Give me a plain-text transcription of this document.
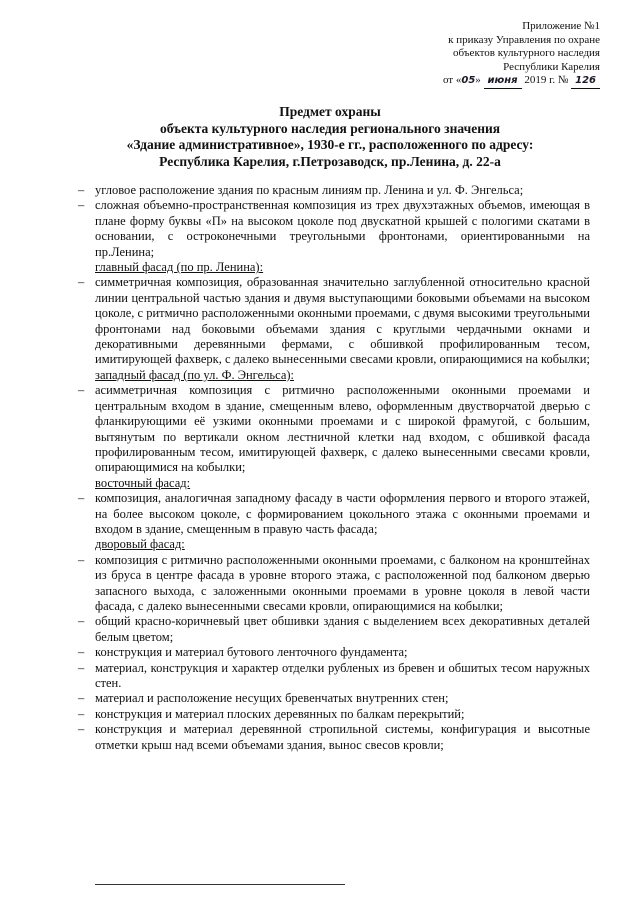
Приложение №1
к приказу Управления по охране
объектов культурного наследия
Республики Карелия
от «05» июня 2019 г. № 126
Предмет охраны
объекта культурного наследия регионального значения
«Здание административное», 1930-е гг., расположенного по адресу:
Республика Карелия, г.Петрозаводск, пр.Ленина, д. 22-а
– угловое расположение здания по красным линиям пр. Ленина и ул. Ф. Энгельса;
– сложная объемно-пространственная композиция из трех двухэтажных объемов, имеющая в плане форму буквы «П» на высоком цоколе под двускатной крышей с пологими скатами в основании, с остроконечными треугольными фронтонами, ориентированными на пр.Ленина;
главный фасад (по пр. Ленина):
– симметричная композиция, образованная значительно заглубленной относительно красной линии центральной частью здания и двумя выступающими боковыми объемами на высоком цоколе, с ритмично расположенными оконными проемами, с двумя высокими треугольными фронтонами над боковыми объемами здания с круглыми чердачными окнами и декоративными деревянными фермами, с обшивкой профилированным тесом, имитирующей фахверк, с далеко вынесенными свесами кровли, опирающимися на кобылки;
западный фасад (по ул. Ф. Энгельса):
– асимметричная композиция с ритмично расположенными оконными проемами и центральным входом в здание, смещенным влево, оформленным двустворчатой дверью с фланкирующими её узкими оконными проемами и с широкой фрамугой, с большим, вытянутым по вертикали окном лестничной клетки над входом, с обшивкой фасада профилированным тесом, имитирующей фахверк, с далеко вынесенными свесами кровли, опирающимися на кобылки;
восточный фасад:
– композиция, аналогичная западному фасаду в части оформления первого и второго этажей, на более высоком цоколе, с формированием цокольного этажа с оконными проемами и входом в здание, смещенным в правую часть фасада;
дворовый фасад:
– композиция с ритмично расположенными оконными проемами, с балконом на кронштейнах из бруса в центре фасада в уровне второго этажа, с расположенной под балконом дверью запасного выхода, с заложенными оконными проемами в уровне цоколя в левой части фасада, с далеко вынесенными свесами кровли, опирающимися на кобылки;
– общий красно-коричневый цвет обшивки здания с выделением всех декоративных деталей белым цветом;
– конструкция и материал бутового ленточного фундамента;
– материал, конструкция и характер отделки рубленых из бревен и обшитых тесом наружных стен.
– материал и расположение несущих бревенчатых внутренних стен;
– конструкция и материал плоских деревянных по балкам перекрытий;
– конструкция и материал деревянной стропильной системы, конфигурация и высотные отметки крыш над всеми объемами здания, вынос свесов кровли;
